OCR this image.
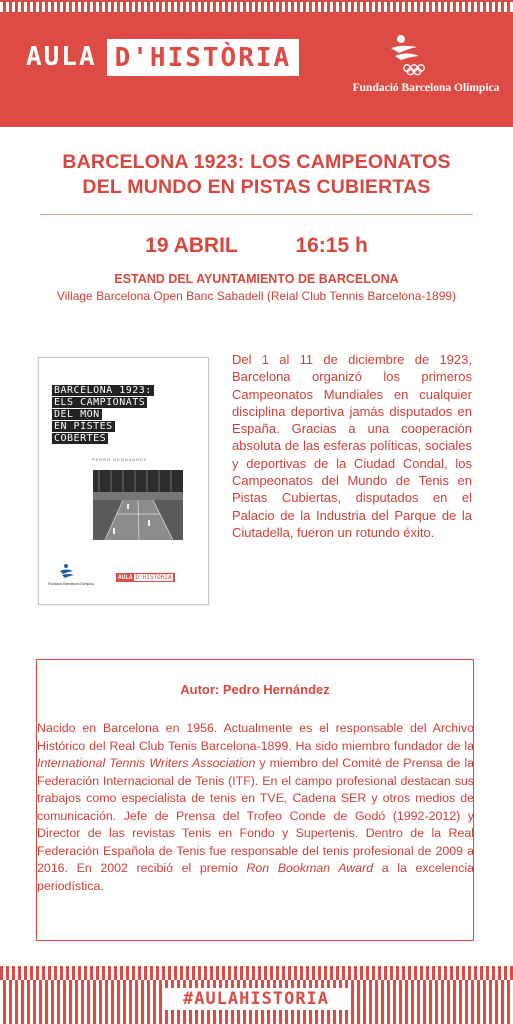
AULA D'HISTÒRIA
Fundació Barcelona Olímpica
BARCELONA 1923: LOS CAMPEONATOS
DEL MUNDO EN PISTAS CUBIERTAS
19 ABRIL	16:15 h
ESTAND DEL AYUNTAMIENTO DE BARCELONA
Village Barcelona Open Banc Sabadell (Reial Club Tennis Barcelona-1899)
BARCELONA 1923:
ELS CAMPIONATS
DEL MÓN
EN PISTES
COBERTES
PEDRO HERNÁNDEZ
Fundació Barcelona Olímpica
AULA D'HISTÒRIA

Del 1 al 11 de diciembre de 1923, Barcelona organizó los primeros Campeonatos Mundiales en cualquier disciplina deportiva jamás disputados en España. Gracias a una cooperación absoluta de las esferas políticas, sociales y deportivas de la Ciudad Condal, los Campeonatos del Mundo de Tenis en Pistas Cubiertas, disputados en el Palacio de la Industria del Parque de la Ciutadella, fueron un rotundo éxito.

Autor: Pedro Hernández

Nacido en Barcelona en 1956. Actualmente es el responsable del Archivo Histórico del Real Club Tenis Barcelona-1899. Ha sido miembro fundador de la International Tennis Writers Association y miembro del Comité de Prensa de la Federación Internacional de Tenis (ITF). En el campo profesional destacan sus trabajos como especialista de tenis en TVE, Cadena SER y otros medios de comunicación. Jefe de Prensa del Trofeo Conde de Godó (1992-2012) y Director de las revistas Tenis en Fondo y Supertenis. Dentro de la Real Federación Española de Tenis fue responsable del tenis profesional de 2009 a 2016. En 2002 recibió el premio Ron Bookman Award a la excelencia periodística.

#AULAHISTORIA
